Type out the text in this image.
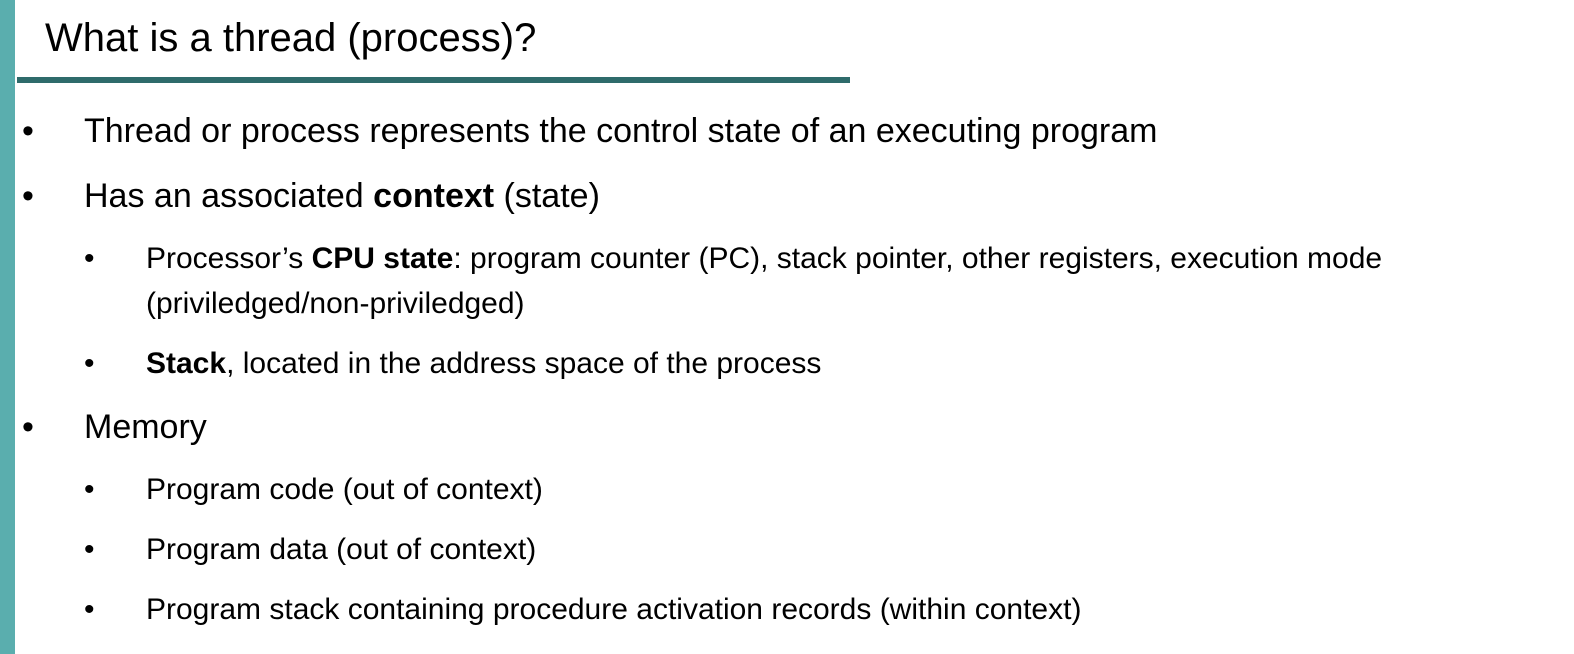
What is a thread (process)?
• Thread or process represents the control state of an executing program
• Has an associated context (state)
• Processor’s CPU state: program counter (PC), stack pointer, other registers, execution mode
(priviledged/non-priviledged)
• Stack, located in the address space of the process
• Memory
• Program code (out of context)
• Program data (out of context)
• Program stack containing procedure activation records (within context)
